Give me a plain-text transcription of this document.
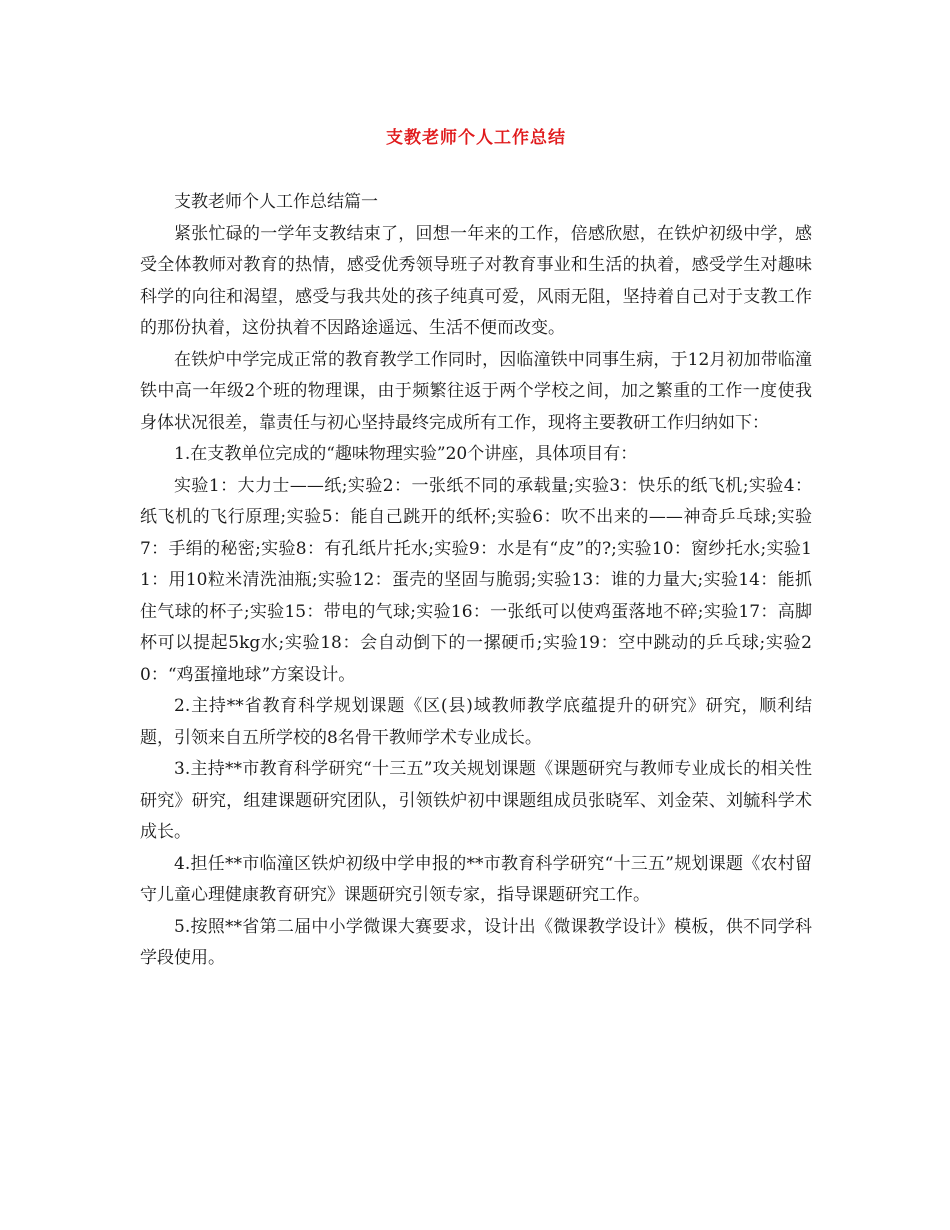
支教老师个人工作总结

支教老师个人工作总结篇一

紧张忙碌的一学年支教结束了，回想一年来的工作，倍感欣慰，在铁炉初级中学，感受全体教师对教育的热情，感受优秀领导班子对教育事业和生活的执着，感受学生对趣味科学的向往和渴望，感受与我共处的孩子纯真可爱，风雨无阻，坚持着自己对于支教工作的那份执着，这份执着不因路途遥远、生活不便而改变。

在铁炉中学完成正常的教育教学工作同时，因临潼铁中同事生病，于12月初加带临潼铁中高一年级2个班的物理课，由于频繁往返于两个学校之间，加之繁重的工作一度使我身体状况很差，靠责任与初心坚持最终完成所有工作，现将主要教研工作归纳如下：

1.在支教单位完成的“趣味物理实验”20个讲座，具体项目有：

实验1：大力士——纸;实验2：一张纸不同的承载量;实验3：快乐的纸飞机;实验4：纸飞机的飞行原理;实验5：能自己跳开的纸杯;实验6：吹不出来的——神奇乒乓球;实验7：手绢的秘密;实验8：有孔纸片托水;实验9：水是有“皮”的?;实验10：窗纱托水;实验11：用10粒米清洗油瓶;实验12：蛋壳的坚固与脆弱;实验13：谁的力量大;实验14：能抓住气球的杯子;实验15：带电的气球;实验16：一张纸可以使鸡蛋落地不碎;实验17：高脚杯可以提起5kg水;实验18：会自动倒下的一摞硬币;实验19：空中跳动的乒乓球;实验20：“鸡蛋撞地球”方案设计。

2.主持**省教育科学规划课题《区(县)域教师教学底蕴提升的研究》研究，顺利结题，引领来自五所学校的8名骨干教师学术专业成长。

3.主持**市教育科学研究“十三五”攻关规划课题《课题研究与教师专业成长的相关性研究》研究，组建课题研究团队，引领铁炉初中课题组成员张晓军、刘金荣、刘毓科学术成长。

4.担任**市临潼区铁炉初级中学申报的**市教育科学研究“十三五”规划课题《农村留守儿童心理健康教育研究》课题研究引领专家，指导课题研究工作。

5.按照**省第二届中小学微课大赛要求，设计出《微课教学设计》模板，供不同学科学段使用。
